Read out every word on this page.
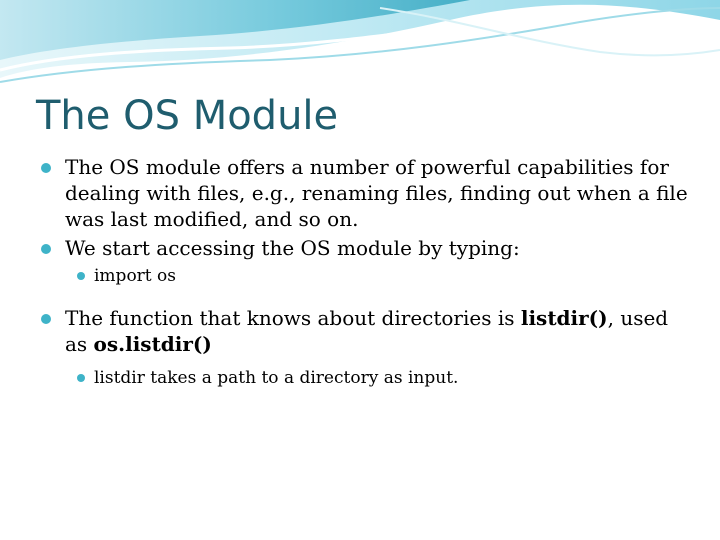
The OS Module
The OS module offers a number of powerful capabilities for dealing with files, e.g., renaming files, finding out when a file was last modified, and so on.
We start accessing the OS module by typing:
import os
The function that knows about directories is listdir(), used as os.listdir()
listdir takes a path to a directory as input.
